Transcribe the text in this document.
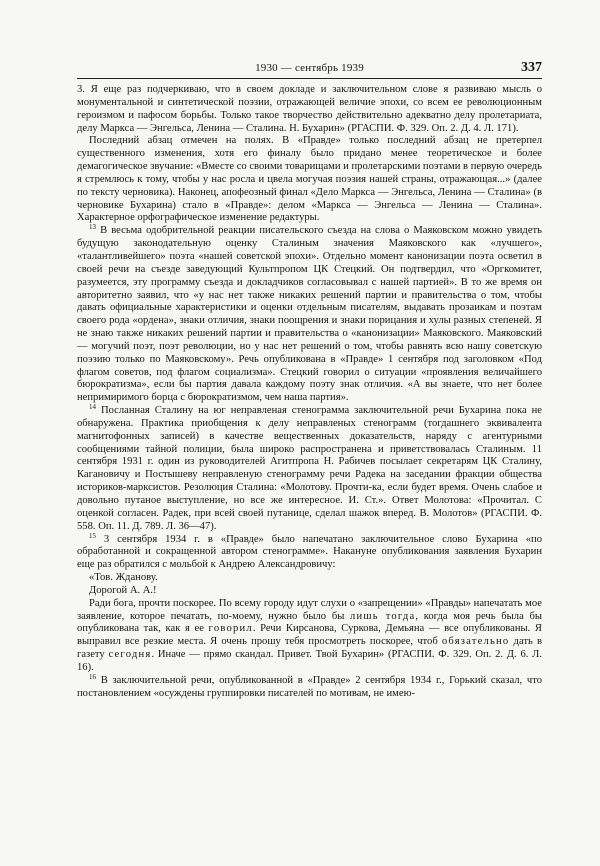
1930 — сентябрь 1939	337

3. Я еще раз подчеркиваю, что в своем докладе и заключительном слове я развиваю мысль о монументальной и синтетической поэзии, отражающей величие эпохи, со всем ее революционным героизмом и пафосом борьбы. Только такое творчество действительно адекватно делу пролетариата, делу Маркса — Энгельса, Ленина — Сталина. Н. Бухарин» (РГАСПИ. Ф. 329. Оп. 2. Д. 4. Л. 171).

Последний абзац отмечен на полях. В «Правде» только последний абзац не претерпел существенного изменения, хотя его финалу было придано менее теоретическое и более демагогическое звучание: «Вместе со своими товарищами и пролетарскими поэтами в первую очередь я стремлюсь к тому, чтобы у нас росла и цвела могучая поэзия нашей страны, отражающая...» (далее по тексту черновика). Наконец, апофеозный финал «Дело Маркса — Энгельса, Ленина — Сталина» (в черновике Бухарина) стало в «Правде»: делом «Маркса — Энгельса — Ленина — Сталина». Характерное орфографическое изменение редактуры.

$^{13}$ В весьма одобрительной реакции писательского съезда на слова о Маяковском можно увидеть будущую законодательную оценку Сталиным значения Маяковского как «лучшего», «талантливейшего» поэта «нашей советской эпохи». Отдельно момент канонизации поэта осветил в своей речи на съезде заведующий Культпропом ЦК Стецкий. Он подтвердил, что «Оргкомитет, разумеется, эту программу съезда и докладчиков согласовывал с нашей партией». В то же время он авторитетно заявил, что «у нас нет также никаких решений партии и правительства о том, чтобы давать официальные характеристики и оценки отдельным писателям, выдавать прозаикам и поэтам своего рода «ордена», знаки отличия, знаки поощрения и знаки порицания и хулы разных степеней. Я не знаю также никаких решений партии и правительства о «канонизации» Маяковского. Маяковский — могучий поэт, поэт революции, но у нас нет решений о том, чтобы равнять всю нашу советскую поэзию только по Маяковскому». Речь опубликована в «Правде» 1 сентября под заголовком «Под флагом советов, под флагом социализма». Стецкий говорил о ситуации «проявления величайшего бюрократизма», если бы партия давала каждому поэту знак отличия. «А вы знаете, что нет более непримиримого борца с бюрократизмом, чем наша партия».

$^{14}$ Посланная Сталину на юг неправленая стенограмма заключительной речи Бухарина пока не обнаружена. Практика приобщения к делу неправленых стенограмм (тогдашнего эквивалента магнитофонных записей) в качестве вещественных доказательств, наряду с агентурными сообщениями тайной полиции, была широко распространена и приветствовалась Сталиным. 11 сентября 1931 г. один из руководителей Агитпропа Н. Рабичев посылает секретарям ЦК Сталину, Кагановичу и Постышеву неправленую стенограмму речи Радека на заседании фракции общества историков-марксистов. Резолюция Сталина: «Молотову. Прочти-ка, если будет время. Очень слабое и довольно путаное выступление, но все же интересное. И. Ст.». Ответ Молотова: «Прочитал. С оценкой согласен. Радек, при всей своей путанице, сделал шажок вперед. В. Молотов» (РГАСПИ. Ф. 558. Оп. 11. Д. 789. Л. 36—47).

$^{15}$ 3 сентября 1934 г. в «Правде» было напечатано заключительное слово Бухарина «по обработанной и сокращенной автором стенограмме». Накануне опубликования заявления Бухарин еще раз обратился с мольбой к Андрею Александровичу:

«Тов. Жданову.

Дорогой А. А.!

Ради бога, прочти поскорее. По всему городу идут слухи о «запрещении» «Правды» напечатать мое заявление, которое печатать, по-моему, нужно было бы лишь тогда, когда моя речь была бы опубликована так, как я ее говорил. Речи Кирсанова, Суркова, Демьяна — все опубликованы. Я выправил все резкие места. Я очень прошу тебя просмотреть поскорее, чтоб обязательно дать в газету сегодня. Иначе — прямо скандал. Привет. Твой Бухарин» (РГАСПИ. Ф. 329. Оп. 2. Д. 6. Л. 16).

$^{16}$ В заключительной речи, опубликованной в «Правде» 2 сентября 1934 г., Горький сказал, что постановлением «осуждены группировки писателей по мотивам, не имею-
